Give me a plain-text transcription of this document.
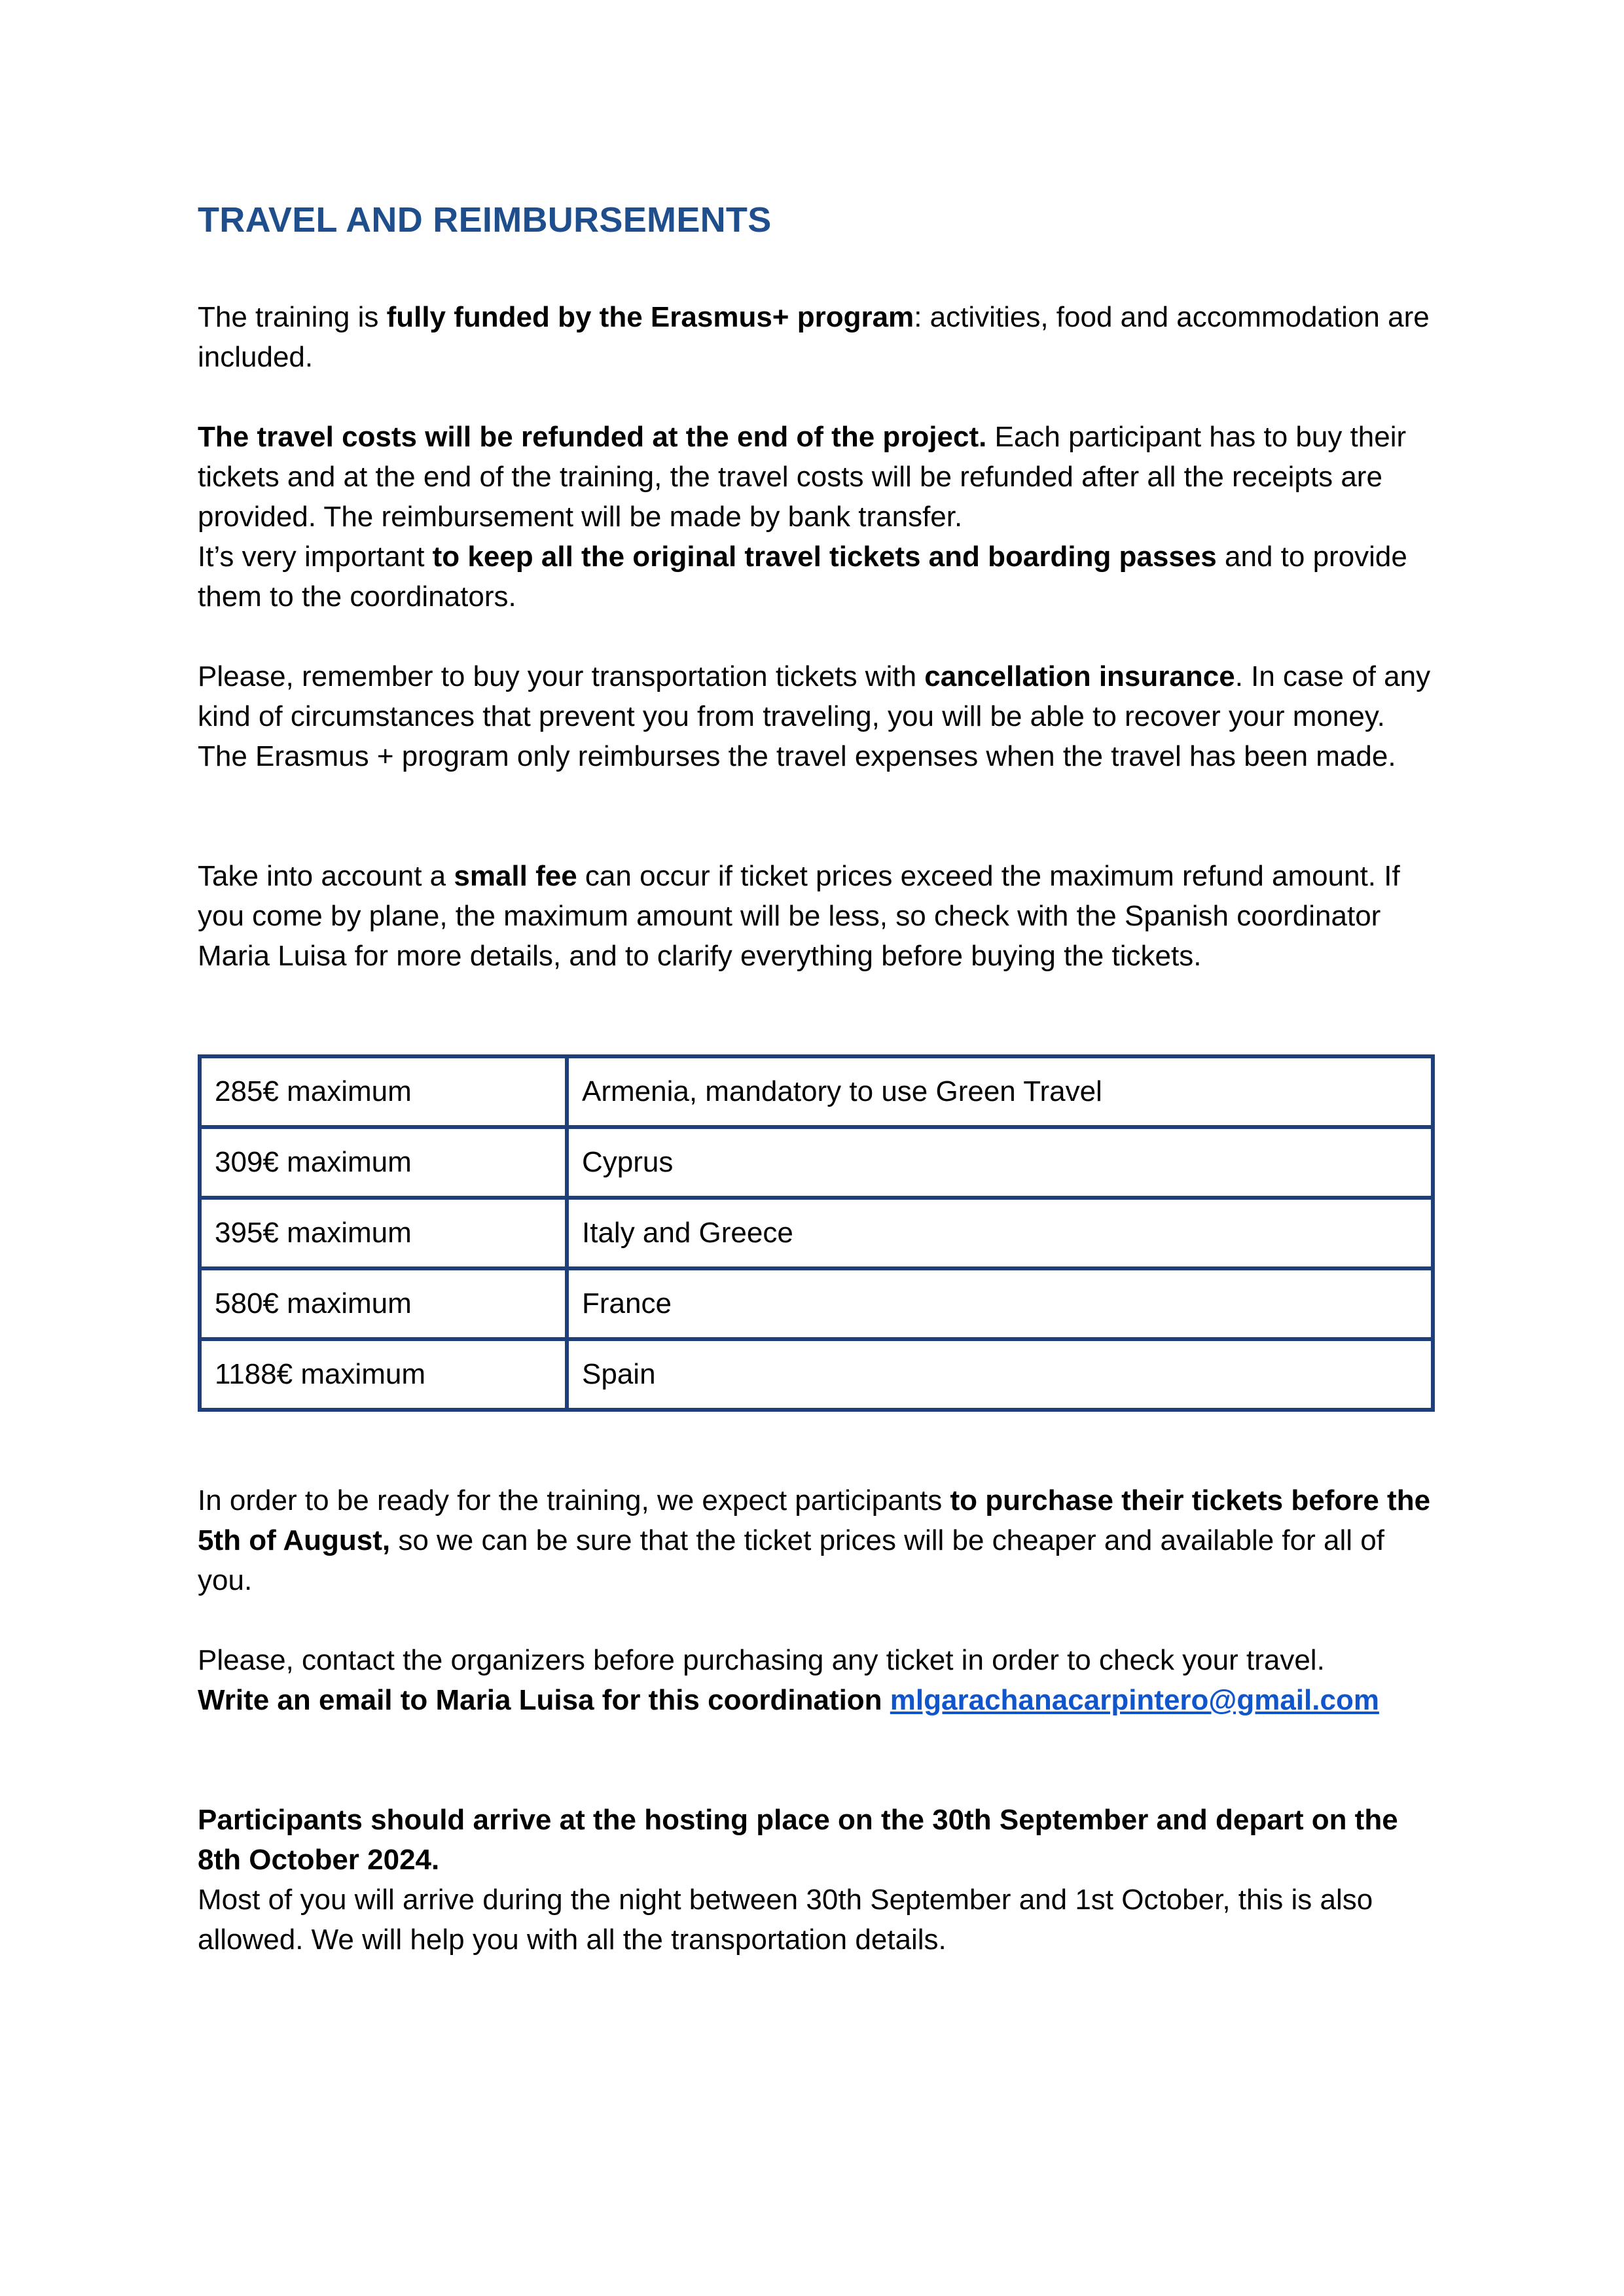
TRAVEL AND REIMBURSEMENTS

The training is fully funded by the Erasmus+ program: activities, food and accommodation are included.

The travel costs will be refunded at the end of the project. Each participant has to buy their tickets and at the end of the training, the travel costs will be refunded after all the receipts are provided. The reimbursement will be made by bank transfer.

It’s very important to keep all the original travel tickets and boarding passes and to provide them to the coordinators.

Please, remember to buy your transportation tickets with cancellation insurance. In case of any kind of circumstances that prevent you from traveling, you will be able to recover your money. The Erasmus + program only reimburses the travel expenses when the travel has been made.

Take into account a small fee can occur if ticket prices exceed the maximum refund amount. If you come by plane, the maximum amount will be less, so check with the Spanish coordinator Maria Luisa for more details, and to clarify everything before buying the tickets.

285€ maximum	Armenia, mandatory to use Green Travel
309€ maximum	Cyprus
395€ maximum	Italy and Greece
580€ maximum	France
1188€ maximum	Spain

In order to be ready for the training, we expect participants to purchase their tickets before the 5th of August, so we can be sure that the ticket prices will be cheaper and available for all of you.

Please, contact the organizers before purchasing any ticket in order to check your travel.
Write an email to Maria Luisa for this coordination mlgarachanacarpintero@gmail.com

Participants should arrive at the hosting place on the 30th September and depart on the 8th October 2024.
Most of you will arrive during the night between 30th September and 1st October, this is also allowed. We will help you with all the transportation details.
